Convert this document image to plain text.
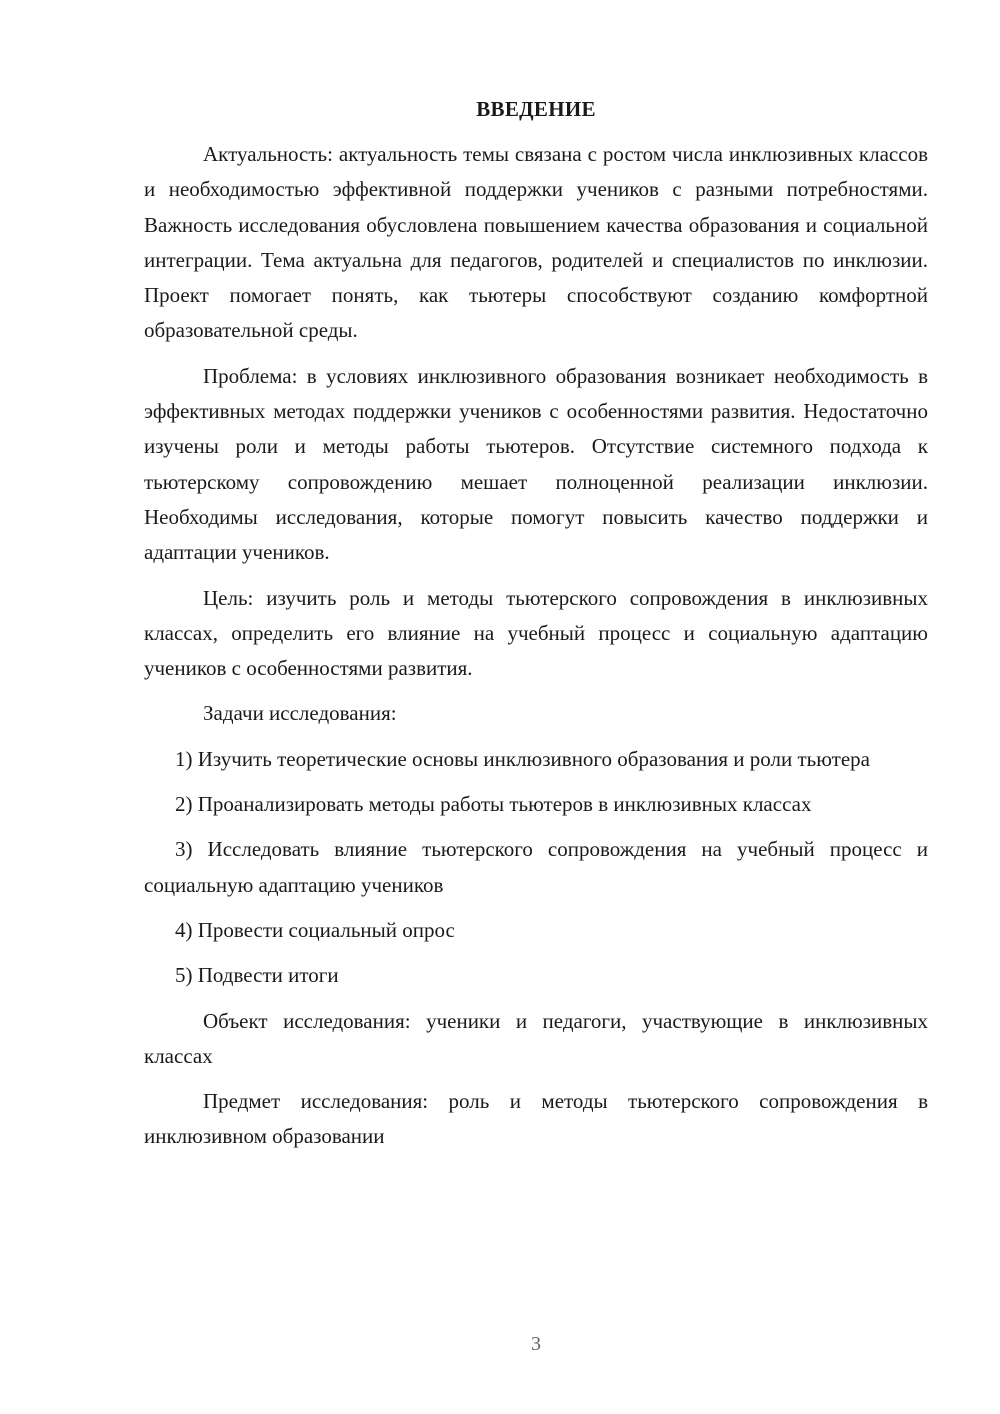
ВВЕДЕНИЕ

Актуальность: актуальность темы связана с ростом числа инклюзивных классов и необходимостью эффективной поддержки учеников с разными потребностями. Важность исследования обусловлена повышением качества образования и социальной интеграции. Тема актуальна для педагогов, родителей и специалистов по инклюзии. Проект помогает понять, как тьютеры способствуют созданию комфортной образовательной среды.

Проблема: в условиях инклюзивного образования возникает необходимость в эффективных методах поддержки учеников с особенностями развития. Недостаточно изучены роли и методы работы тьютеров. Отсутствие системного подхода к тьютерскому сопровождению мешает полноценной реализации инклюзии. Необходимы исследования, которые помогут повысить качество поддержки и адаптации учеников.

Цель: изучить роль и методы тьютерского сопровождения в инклюзивных классах, определить его влияние на учебный процесс и социальную адаптацию учеников с особенностями развития.

Задачи исследования:

1) Изучить теоретические основы инклюзивного образования и роли тьютера

2) Проанализировать методы работы тьютеров в инклюзивных классах

3) Исследовать влияние тьютерского сопровождения на учебный процесс и социальную адаптацию учеников

4) Провести социальный опрос

5) Подвести итоги

Объект исследования: ученики и педагоги, участвующие в инклюзивных классах

Предмет исследования: роль и методы тьютерского сопровождения в инклюзивном образовании

3
